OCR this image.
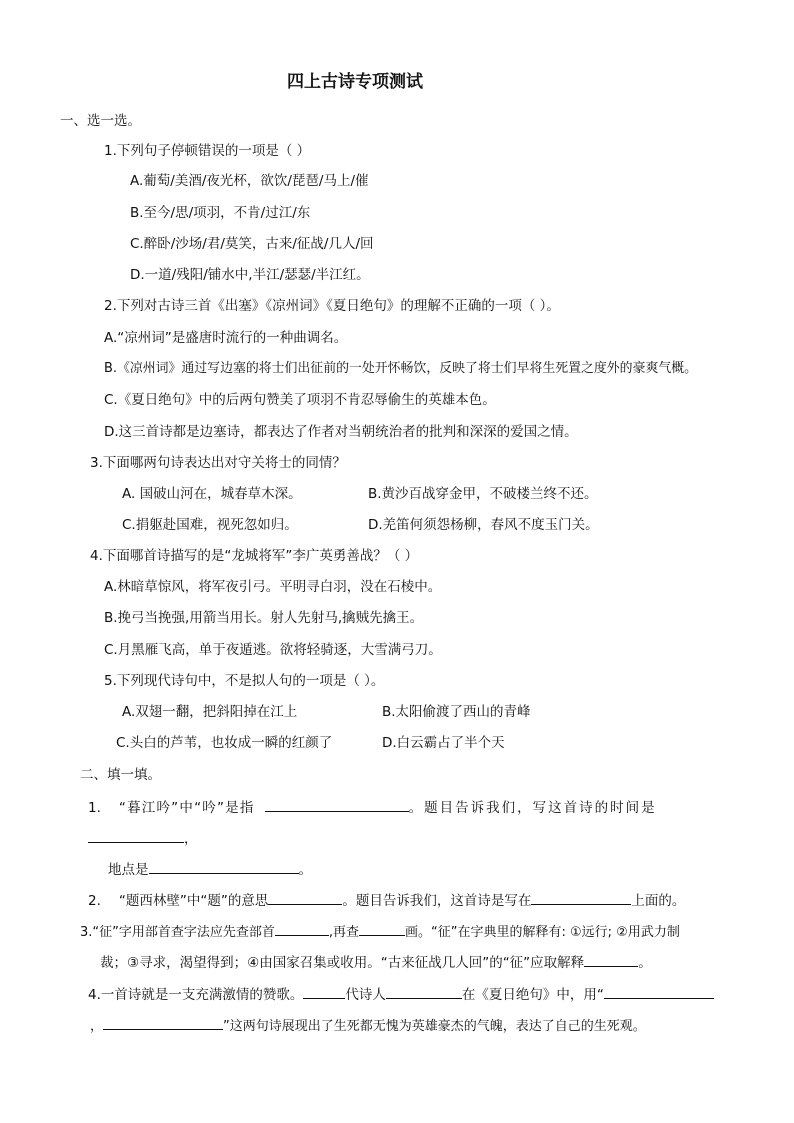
四上古诗专项测试
一、选一选。
1.下列句子停顿错误的一项是（ ）
A.葡萄/美酒/夜光杯，欲饮/琵琶/马上/催
B.至今/思/项羽，不肯/过江/东
C.醉卧/沙场/君/莫笑，古来/征战/几人/回
D.一道/残阳/铺水中,半江/瑟瑟/半江红。
2.下列对古诗三首《出塞》《凉州词》《夏日绝句》的理解不正确的一项（ ）。
A.“凉州词”是盛唐时流行的一种曲调名。
B.《凉州词》通过写边塞的将士们出征前的一处开怀畅饮，反映了将士们早将生死置之度外的豪爽气概。
C.《夏日绝句》中的后两句赞美了项羽不肯忍辱偷生的英雄本色。
D.这三首诗都是边塞诗，都表达了作者对当朝统治者的批判和深深的爱国之情。
3.下面哪两句诗表达出对守关将士的同情？
A. 国破山河在，城春草木深。	B.黄沙百战穿金甲，不破楼兰终不还。
C.捐躯赴国难，视死忽如归。	D.羌笛何须怨杨柳，春风不度玉门关。
4.下面哪首诗描写的是“龙城将军”李广英勇善战？（ ）
A.林暗草惊风，将军夜引弓。平明寻白羽，没在石棱中。
B.挽弓当挽强,用箭当用长。射人先射马,擒贼先擒王。
C.月黑雁飞高，单于夜遁逃。欲将轻骑逐，大雪满弓刀。
5.下列现代诗句中，不是拟人句的一项是（ ）。
A.双翅一翻，把斜阳掉在江上	B.太阳偷渡了西山的青峰
C.头白的芦苇，也妆成一瞬的红颜了	D.白云霸占了半个天
二、填一填。
1. “暮江吟”中“吟”是指	。题目告诉我们，写这首诗的时间是
，
地点是	。
2. “题西林壁”中“题”的意思	。题目告诉我们，这首诗是写在	上面的。
3.“征”字用部首查字法应先查部首	,再查	画。“征”在字典里的解释有: ①远行; ②用武力制
裁；③寻求，渴望得到；④由国家召集或收用。“古来征战几人回”的“征”应取解释	。
4.一首诗就是一支充满激情的赞歌。	代诗人	在《夏日绝句》中，用“
，	”这两句诗展现出了生死都无愧为英雄豪杰的气魄，表达了自己的生死观。
